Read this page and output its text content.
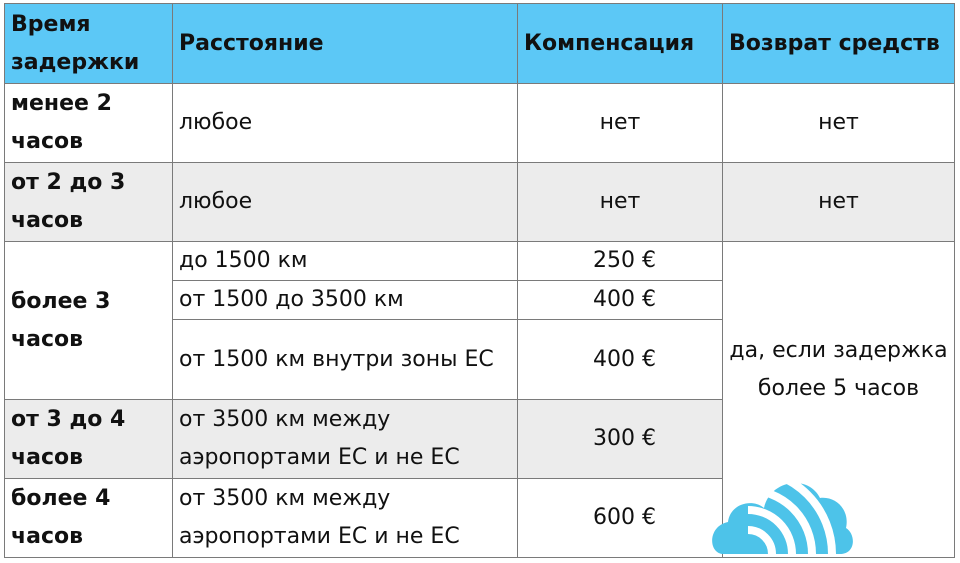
Время задержки	Расстояние	Компенсация	Возврат средств
менее 2 часов	любое	нет	нет
от 2 до 3 часов	любое	нет	нет
более 3 часов	до 1500 км	250 €	да, если задержка более 5 часов

	от 1500 до 3500 км	400 €	
	от 1500 км внутри зоны ЕС	400 €	
от 3 до 4 часов	от 3500 км между аэропортами ЕС и не ЕС	300 €	
более 4 часов	от 3500 км между аэропортами ЕС и не ЕС	600 €	
